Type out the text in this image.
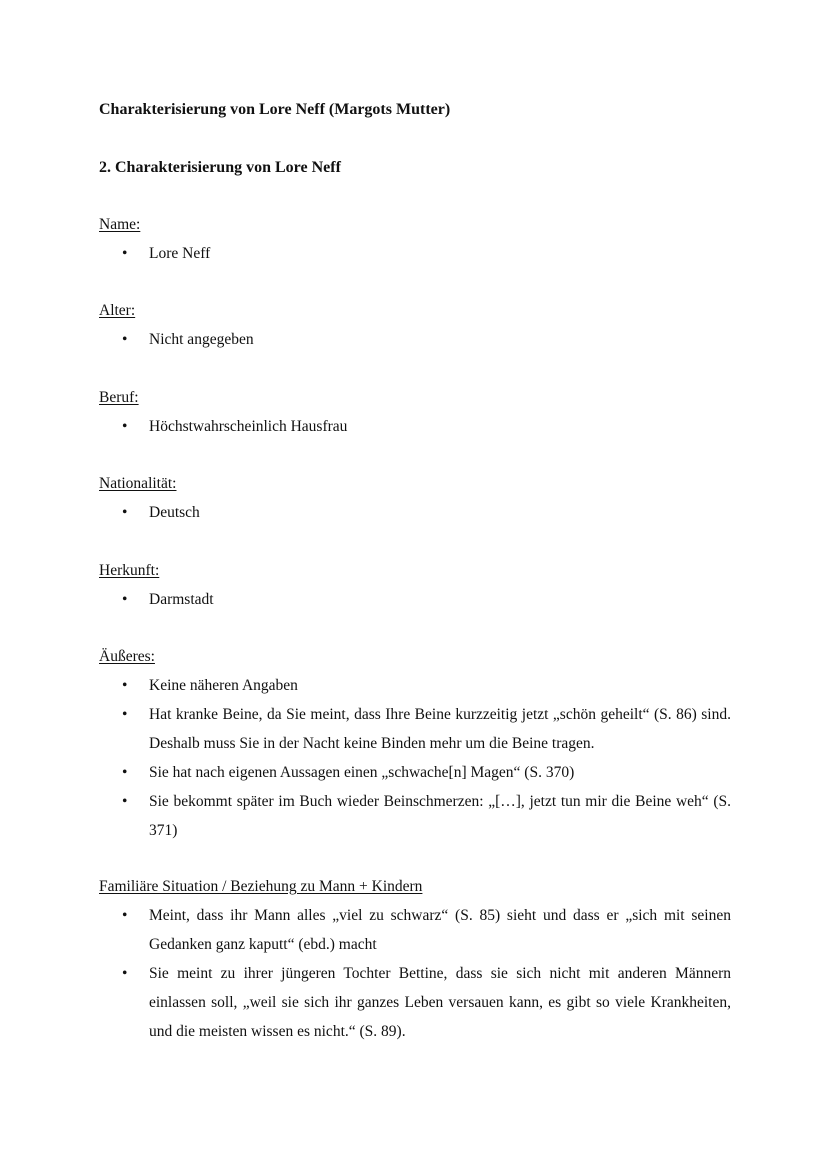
Charakterisierung von Lore Neff (Margots Mutter)
2. Charakterisierung von Lore Neff

Name:

• Lore Neff

Alter:

• Nicht angegeben

Beruf:

• Höchstwahrscheinlich Hausfrau

Nationalität:

• Deutsch

Herkunft:

• Darmstadt

Äußeres:

• Keine näheren Angaben
• Hat kranke Beine, da Sie meint, dass Ihre Beine kurzzeitig jetzt „schön geheilt“ (S. 86) sind. Deshalb muss Sie in der Nacht keine Binden mehr um die Beine tragen.
• Sie hat nach eigenen Aussagen einen „schwache[n] Magen“ (S. 370)
• Sie bekommt später im Buch wieder Beinschmerzen: „[…], jetzt tun mir die Beine weh“ (S. 371)

Familiäre Situation / Beziehung zu Mann + Kindern

• Meint, dass ihr Mann alles „viel zu schwarz“ (S. 85) sieht und dass er „sich mit seinen Gedanken ganz kaputt“ (ebd.) macht
• Sie meint zu ihrer jüngeren Tochter Bettine, dass sie sich nicht mit anderen Männern einlassen soll, „weil sie sich ihr ganzes Leben versauen kann, es gibt so viele Krankheiten, und die meisten wissen es nicht.“ (S. 89).
